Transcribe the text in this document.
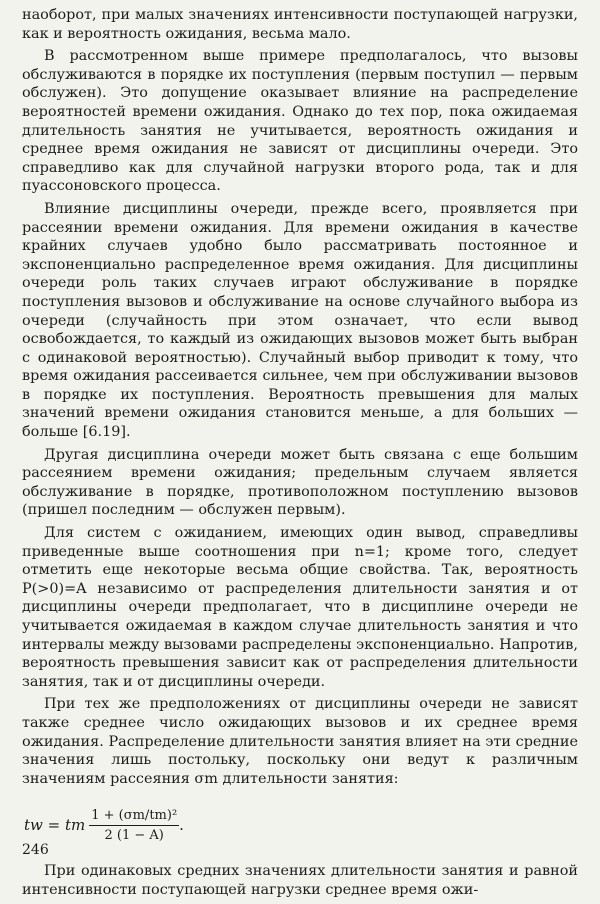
наоборот, при малых значениях интенсивности поступающей нагрузки, как и вероятность ожидания, весьма мало.

В рассмотренном выше примере предполагалось, что вызовы обслуживаются в порядке их поступления (первым поступил — первым обслужен). Это допущение оказывает влияние на распределение вероятностей времени ожидания. Однако до тех пор, пока ожидаемая длительность занятия не учитывается, вероятность ожидания и среднее время ожидания не зависят от дисциплины очереди. Это справедливо как для случайной нагрузки второго рода, так и для пуассоновского процесса.

Влияние дисциплины очереди, прежде всего, проявляется при рассеянии времени ожидания. Для времени ожидания в качестве крайних случаев удобно было рассматривать постоянное и экспоненциально распределенное время ожидания. Для дисциплины очереди роль таких случаев играют обслуживание в порядке поступления вызовов и обслуживание на основе случайного выбора из очереди (случайность при этом означает, что если вывод освобождается, то каждый из ожидающих вызовов может быть выбран с одинаковой вероятностью). Случайный выбор приводит к тому, что время ожидания рассеивается сильнее, чем при обслуживании вызовов в порядке их поступления. Вероятность превышения для малых значений времени ожидания становится меньше, а для больших — больше [6.19].

Другая дисциплина очереди может быть связана с еще большим рассеянием времени ожидания; предельным случаем является обслуживание в порядке, противоположном поступлению вызовов (пришел последним — обслужен первым).

Для систем с ожиданием, имеющих один вывод, справедливы приведенные выше соотношения при n=1; кроме того, следует отметить еще некоторые весьма общие свойства. Так, вероятность P(>0)=A независимо от распределения длительности занятия и от дисциплины очереди предполагает, что в дисциплине очереди не учитывается ожидаемая в каждом случае длительность занятия и что интервалы между вызовами распределены экспоненциально. Напротив, вероятность превышения зависит как от распределения длительности занятия, так и от дисциплины очереди.

При тех же предположениях от дисциплины очереди не зависят также среднее число ожидающих вызовов и их среднее время ожидания. Распределение длительности занятия влияет на эти средние значения лишь постольку, поскольку они ведут к различным значениям рассеяния σm длительности занятия:

tw = tm $\frac{\text{1 + (σm/tm)²}}{2 (1 - A)}$ .

При одинаковых средних значениях длительности занятия и равной интенсивности поступающей нагрузки среднее время ожи-

246
